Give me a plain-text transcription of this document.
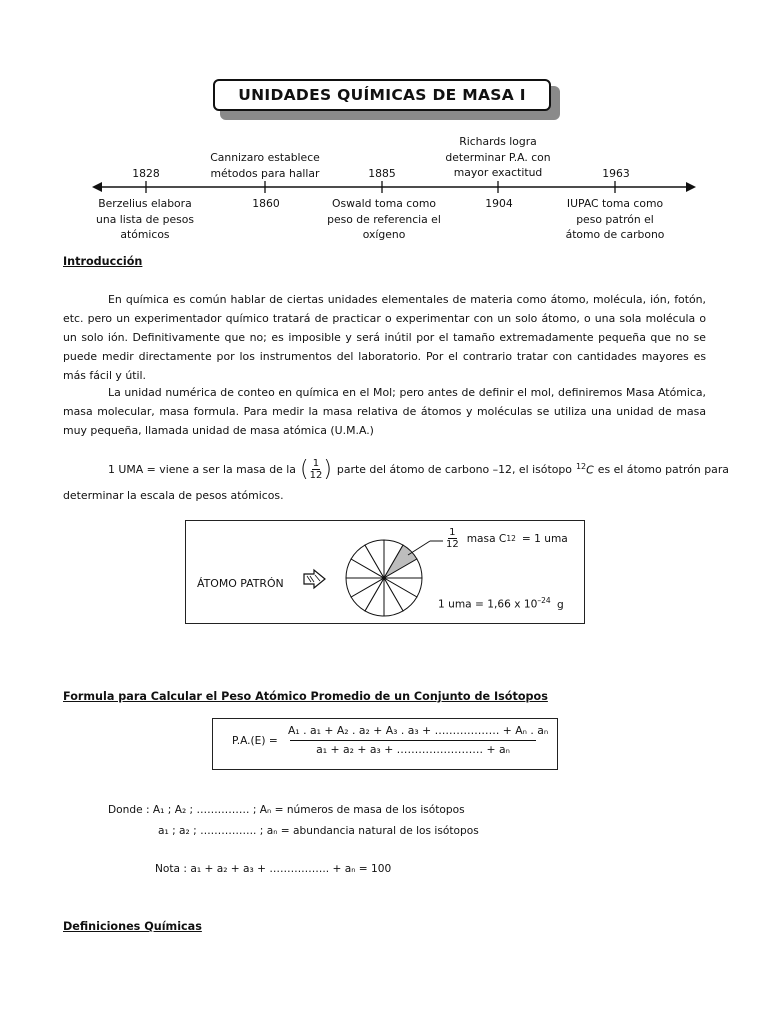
UNIDADES QUÍMICAS DE MASA I
1828
Cannizaro establece métodos para hallar	1885
Richards logra determinar P.A. con mayor exactitud	1963
Berzelius elabora una lista de pesos atómicos
1860	Oswald toma como peso de referencia el oxígeno
1904	IUPAC toma como peso patrón el átomo de carbono
Introducción
En química es común hablar de ciertas unidades elementales de materia como átomo, molécula, ión, fotón, etc. pero un experimentador químico tratará de practicar o experimentar con un solo átomo, o una sola molécula o un solo ión. Definitivamente que no; es imposible y será inútil por el tamaño extremadamente pequeña que no se puede medir directamente por los instrumentos del laboratorio. Por el contrario tratar con cantidades mayores es más fácil y útil.
La unidad numérica de conteo en química en el Mol; pero antes de definir el mol, definiremos Masa Atómica, masa molecular, masa formula. Para medir la masa relativa de átomos y moléculas se utiliza una unidad de masa muy pequeña, llamada unidad de masa atómica (U.M.A.)
1 UMA = viene a ser la masa de la ( $\frac{1}{12}$ ) parte del átomo de carbono –12, el isótopo $^{12}$C es el átomo patrón para
determinar la escala de pesos atómicos.
ÁTOMO PATRÓN
$\frac{1}{12}$ masa C 12 = 1 uma
1 uma = 1,66 x $10^{-24}$ g
Formula para Calcular el Peso Atómico Promedio de un Conjunto de Isótopos
P.A.(E) =
A₁ . a₁ + A₂ . a₂ + A₃ . a₃ + ……………… + Aₙ . aₙ
a₁ + a₂ + a₃ + …………………… + aₙ
Donde : A₁ ; A₂ ; …………… ; Aₙ = números de masa de los isótopos
a₁ ; a₂ ; ……………. ; aₙ = abundancia natural de los isótopos
Nota : a₁ + a₂ + a₃ + …………….. + aₙ = 100
Definiciones Químicas
